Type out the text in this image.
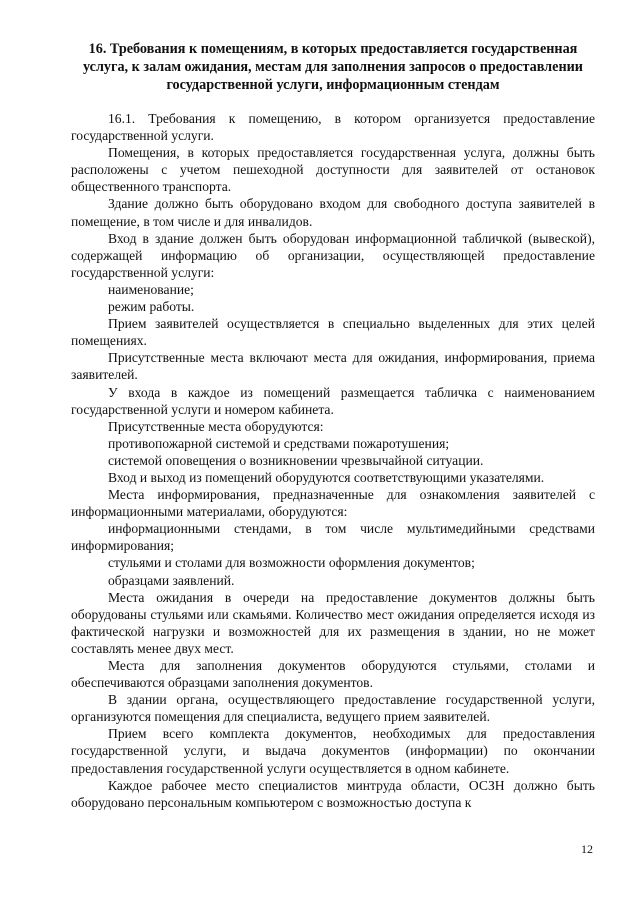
16. Требования к помещениям, в которых предоставляется государственная услуга, к залам ожидания, местам для заполнения запросов о предоставлении государственной услуги, информационным стендам

16.1. Требования к помещению, в котором организуется предоставление государственной услуги.

Помещения, в которых предоставляется государственная услуга, должны быть расположены с учетом пешеходной доступности для заявителей от остановок общественного транспорта.

Здание должно быть оборудовано входом для свободного доступа заявителей в помещение, в том числе и для инвалидов.

Вход в здание должен быть оборудован информационной табличкой (вывеской), содержащей информацию об организации, осуществляющей предоставление государственной услуги:

наименование;

режим работы.

Прием заявителей осуществляется в специально выделенных для этих целей помещениях.

Присутственные места включают места для ожидания, информирования, приема заявителей.

У входа в каждое из помещений размещается табличка с наименованием государственной услуги и номером кабинета.

Присутственные места оборудуются:

противопожарной системой и средствами пожаротушения;

системой оповещения о возникновении чрезвычайной ситуации.

Вход и выход из помещений оборудуются соответствующими указателями.

Места информирования, предназначенные для ознакомления заявителей с информационными материалами, оборудуются:

информационными стендами, в том числе мультимедийными средствами информирования;

стульями и столами для возможности оформления документов;

образцами заявлений.

Места ожидания в очереди на предоставление документов должны быть оборудованы стульями или скамьями. Количество мест ожидания определяется исходя из фактической нагрузки и возможностей для их размещения в здании, но не может составлять менее двух мест.

Места для заполнения документов оборудуются стульями, столами и обеспечиваются образцами заполнения документов.

В здании органа, осуществляющего предоставление государственной услуги, организуются помещения для специалиста, ведущего прием заявителей.

Прием всего комплекта документов, необходимых для предоставления государственной услуги, и выдача документов (информации) по окончании предоставления государственной услуги осуществляется в одном кабинете.

Каждое рабочее место специалистов минтруда области, ОСЗН должно быть оборудовано персональным компьютером с возможностью доступа к

12
